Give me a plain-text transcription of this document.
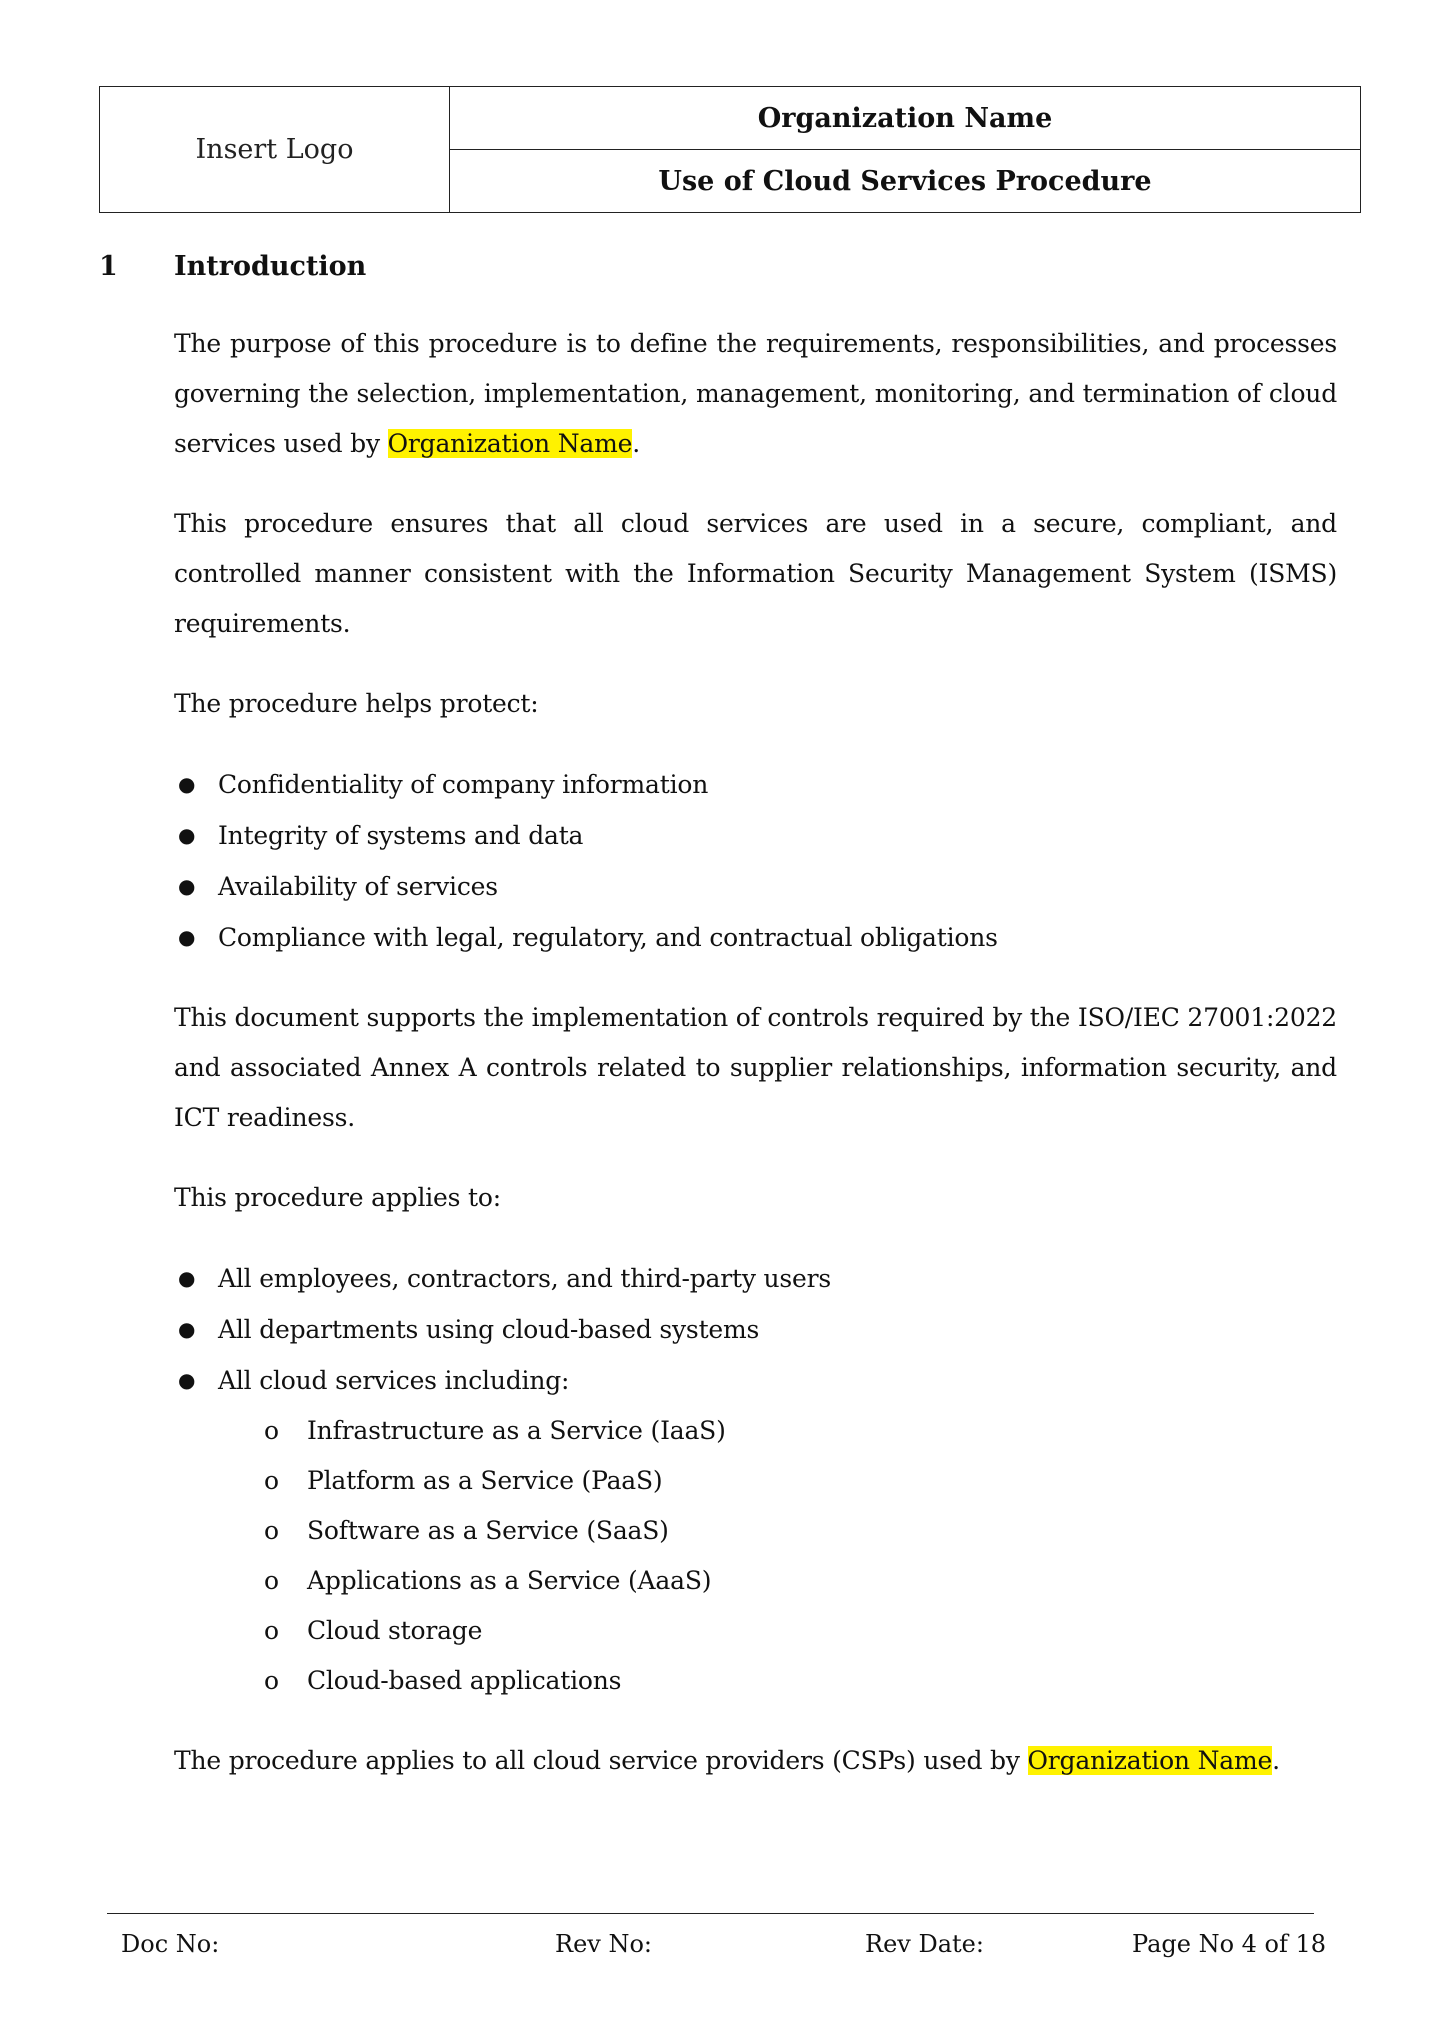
Insert Logo	Organization Name
Use of Cloud Services Procedure
1 Introduction

The purpose of this procedure is to define the requirements, responsibilities, and processes governing the selection, implementation, management, monitoring, and termination of cloud services used by Organization Name.

This procedure ensures that all cloud services are used in a secure, compliant, and controlled manner consistent with the Information Security Management System (ISMS) requirements.

The procedure helps protect:

● Confidentiality of company information
● Integrity of systems and data
● Availability of services
● Compliance with legal, regulatory, and contractual obligations

This document supports the implementation of controls required by the ISO/IEC 27001:2022 and associated Annex A controls related to supplier relationships, information security, and ICT readiness.

This procedure applies to:

● All employees, contractors, and third-party users
● All departments using cloud-based systems
● All cloud services including:
o Infrastructure as a Service (IaaS)
o Platform as a Service (PaaS)
o Software as a Service (SaaS)
o Applications as a Service (AaaS)
o Cloud storage
o Cloud-based applications

The procedure applies to all cloud service providers (CSPs) used by Organization Name.

Doc No:	Rev No:	Rev Date:	Page No 4 of 18
